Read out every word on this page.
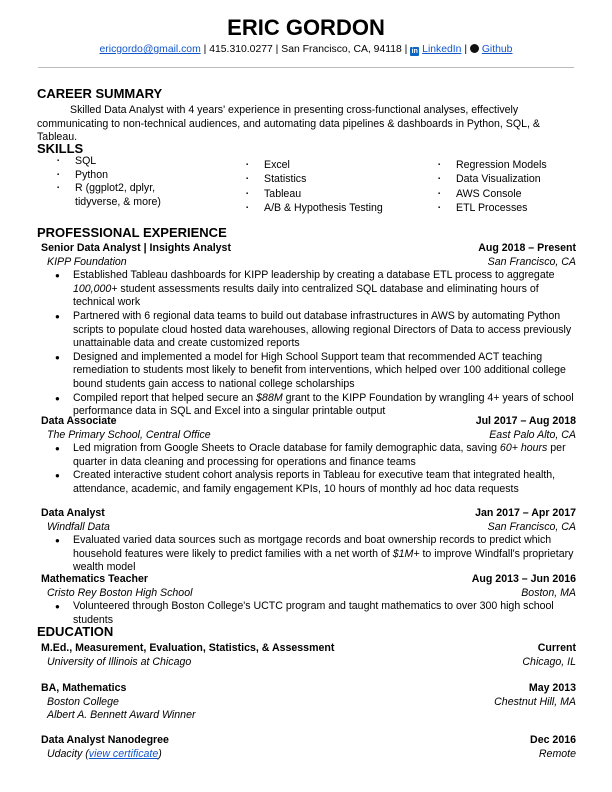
ERIC GORDON
ericgordo@gmail.com | 415.310.0277 | San Francisco, CA, 94118 | in LinkedIn |  Github
CAREER SUMMARY
Skilled Data Analyst with 4 years' experience in presenting cross-functional analyses, effectively communicating to non-technical audiences, and automating data pipelines & dashboards in Python, SQL, & Tableau.
SKILLS
▪ SQL
▪ Python
▪ R (ggplot2, dplyr, tidyverse, & more)
▪ Excel
▪ Statistics
▪ Tableau
▪ A/B & Hypothesis Testing
▪ Regression Models
▪ Data Visualization
▪ AWS Console
▪ ETL Processes
PROFESSIONAL EXPERIENCE
Senior Data Analyst | Insights Analyst	Aug 2018 – Present
KIPP Foundation	San Francisco, CA
● Established Tableau dashboards for KIPP leadership by creating a database ETL process to aggregate 100,000+ student assessments results daily into centralized SQL database and eliminating hours of technical work
● Partnered with 6 regional data teams to build out database infrastructures in AWS by automating Python scripts to populate cloud hosted data warehouses, allowing regional Directors of Data to access previously unattainable data and create customized reports
● Designed and implemented a model for High School Support team that recommended ACT teaching remediation to students most likely to benefit from interventions, which helped over 100 additional college bound students gain access to national college scholarships
● Compiled report that helped secure an $88M grant to the KIPP Foundation by wrangling 4+ years of school performance data in SQL and Excel into a singular printable output
Data Associate	Jul 2017 – Aug 2018
The Primary School, Central Office	East Palo Alto, CA
● Led migration from Google Sheets to Oracle database for family demographic data, saving 60+ hours per quarter in data cleaning and processing for operations and finance teams
● Created interactive student cohort analysis reports in Tableau for executive team that integrated health, attendance, academic, and family engagement KPIs, 10 hours of monthly ad hoc data requests
Data Analyst	Jan 2017 – Apr 2017
Windfall Data	San Francisco, CA
● Evaluated varied data sources such as mortgage records and boat ownership records to predict which household features were likely to predict families with a net worth of $1M+ to improve Windfall's proprietary wealth model
Mathematics Teacher	Aug 2013 – Jun 2016
Cristo Rey Boston High School	Boston, MA
● Volunteered through Boston College's UCTC program and taught mathematics to over 300 high school students
EDUCATION
M.Ed., Measurement, Evaluation, Statistics, & Assessment	Current
University of Illinois at Chicago	Chicago, IL
BA, Mathematics	May 2013
Boston College	Chestnut Hill, MA
Albert A. Bennett Award Winner
Data Analyst Nanodegree	Dec 2016
Udacity (view certificate)	Remote
